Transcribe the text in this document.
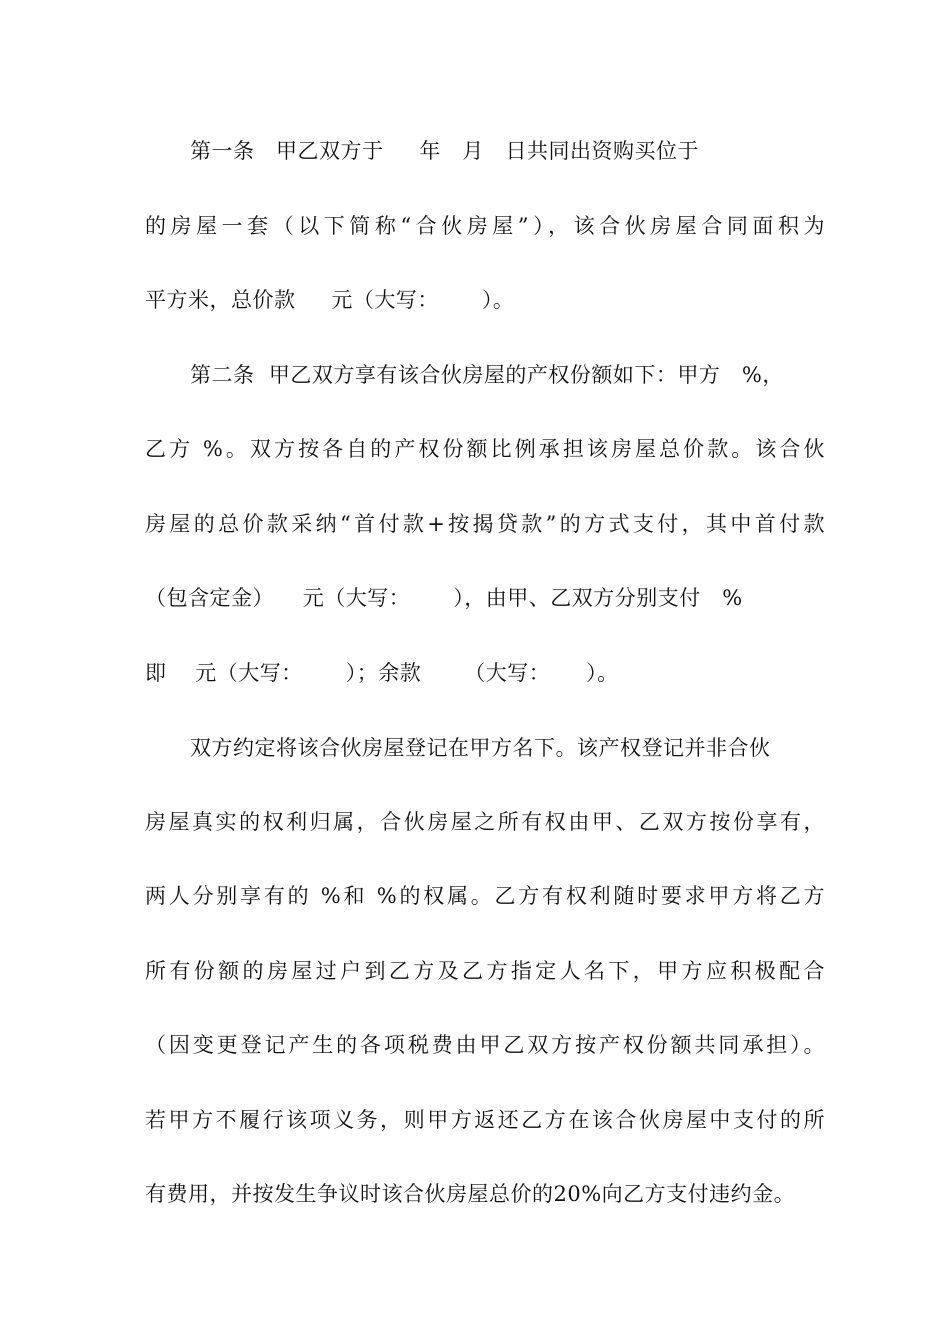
第一条   甲乙双方于     年   月   日共同出资购买位于
的房屋一套（以下简称“合伙房屋”），该合伙房屋合同面积为
平方米，总价款     元（大写：      ）。
第二条  甲乙双方享有该合伙房屋的产权份额如下：甲方   %，
乙方 %。双方按各自的产权份额比例承担该房屋总价款。该合伙
房屋的总价款采纳“首付款+按揭贷款”的方式支付，其中首付款
（包含定金）    元（大写：      ），由甲、乙双方分别支付   %
即    元（大写：      ）；余款      （大写：     ）。
双方约定将该合伙房屋登记在甲方名下。该产权登记并非合伙
房屋真实的权利归属，合伙房屋之所有权由甲、乙双方按份享有，
两人分别享有的 %和 %的权属。乙方有权利随时要求甲方将乙方
所有份额的房屋过户到乙方及乙方指定人名下，甲方应积极配合
（因变更登记产生的各项税费由甲乙双方按产权份额共同承担）。
若甲方不履行该项义务，则甲方返还乙方在该合伙房屋中支付的所
有费用，并按发生争议时该合伙房屋总价的20%向乙方支付违约金。
